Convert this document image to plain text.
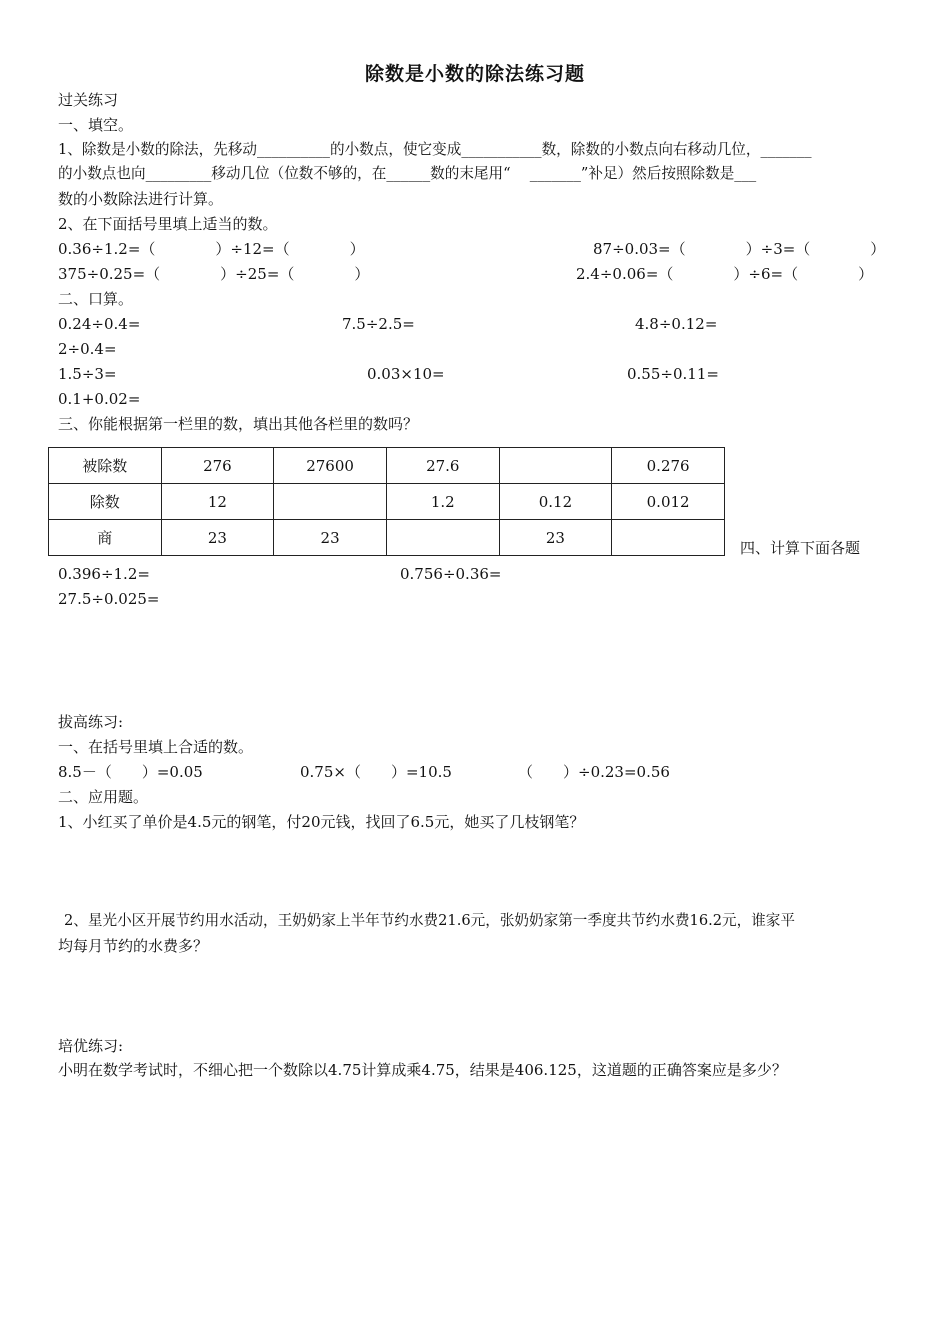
除数是小数的除法练习题
过关练习
一、填空。
1、除数是小数的除法，先移动__________的小数点，使它变成___________数，除数的小数点向右移动几位，_______
的小数点也向_________移动几位（位数不够的，在______数的末尾用“　 _______”补足）然后按照除数是___
数的小数除法进行计算。
2、在下面括号里填上适当的数。
0.36÷1.2=（　　　　）÷12=（　　　　）	87÷0.03=（　　　　）÷3=（　　　　）
375÷0.25=（　　　　）÷25=（　　　　）	2.4÷0.06=（　　　　）÷6=（　　　　）
二、口算。
0.24÷0.4=	7.5÷2.5=	4.8÷0.12=
2÷0.4=
1.5÷3=	0.03×10=	0.55÷0.11=
0.1+0.02=
三、你能根据第一栏里的数，填出其他各栏里的数吗？
被除数	276	27600	27.6		0.276
除数	12		1.2	0.12	0.012
商	23	23		23	
四、计算下面各题
0.396÷1.2=	0.756÷0.36=
27.5÷0.025=
拔高练习:
一、在括号里填上合适的数。
8.5－（　　）=0.05	0.75×（　　）=10.5	（　　）÷0.23=0.56
二、应用题。
1、小红买了单价是4.5元的钢笔，付20元钱，找回了6.5元，她买了几枝钢笔？
2、星光小区开展节约用水活动，王奶奶家上半年节约水费21.6元，张奶奶家第一季度共节约水费16.2元，谁家平
均每月节约的水费多？
培优练习:
小明在数学考试时，不细心把一个数除以4.75计算成乘4.75，结果是406.125，这道题的正确答案应是多少？
